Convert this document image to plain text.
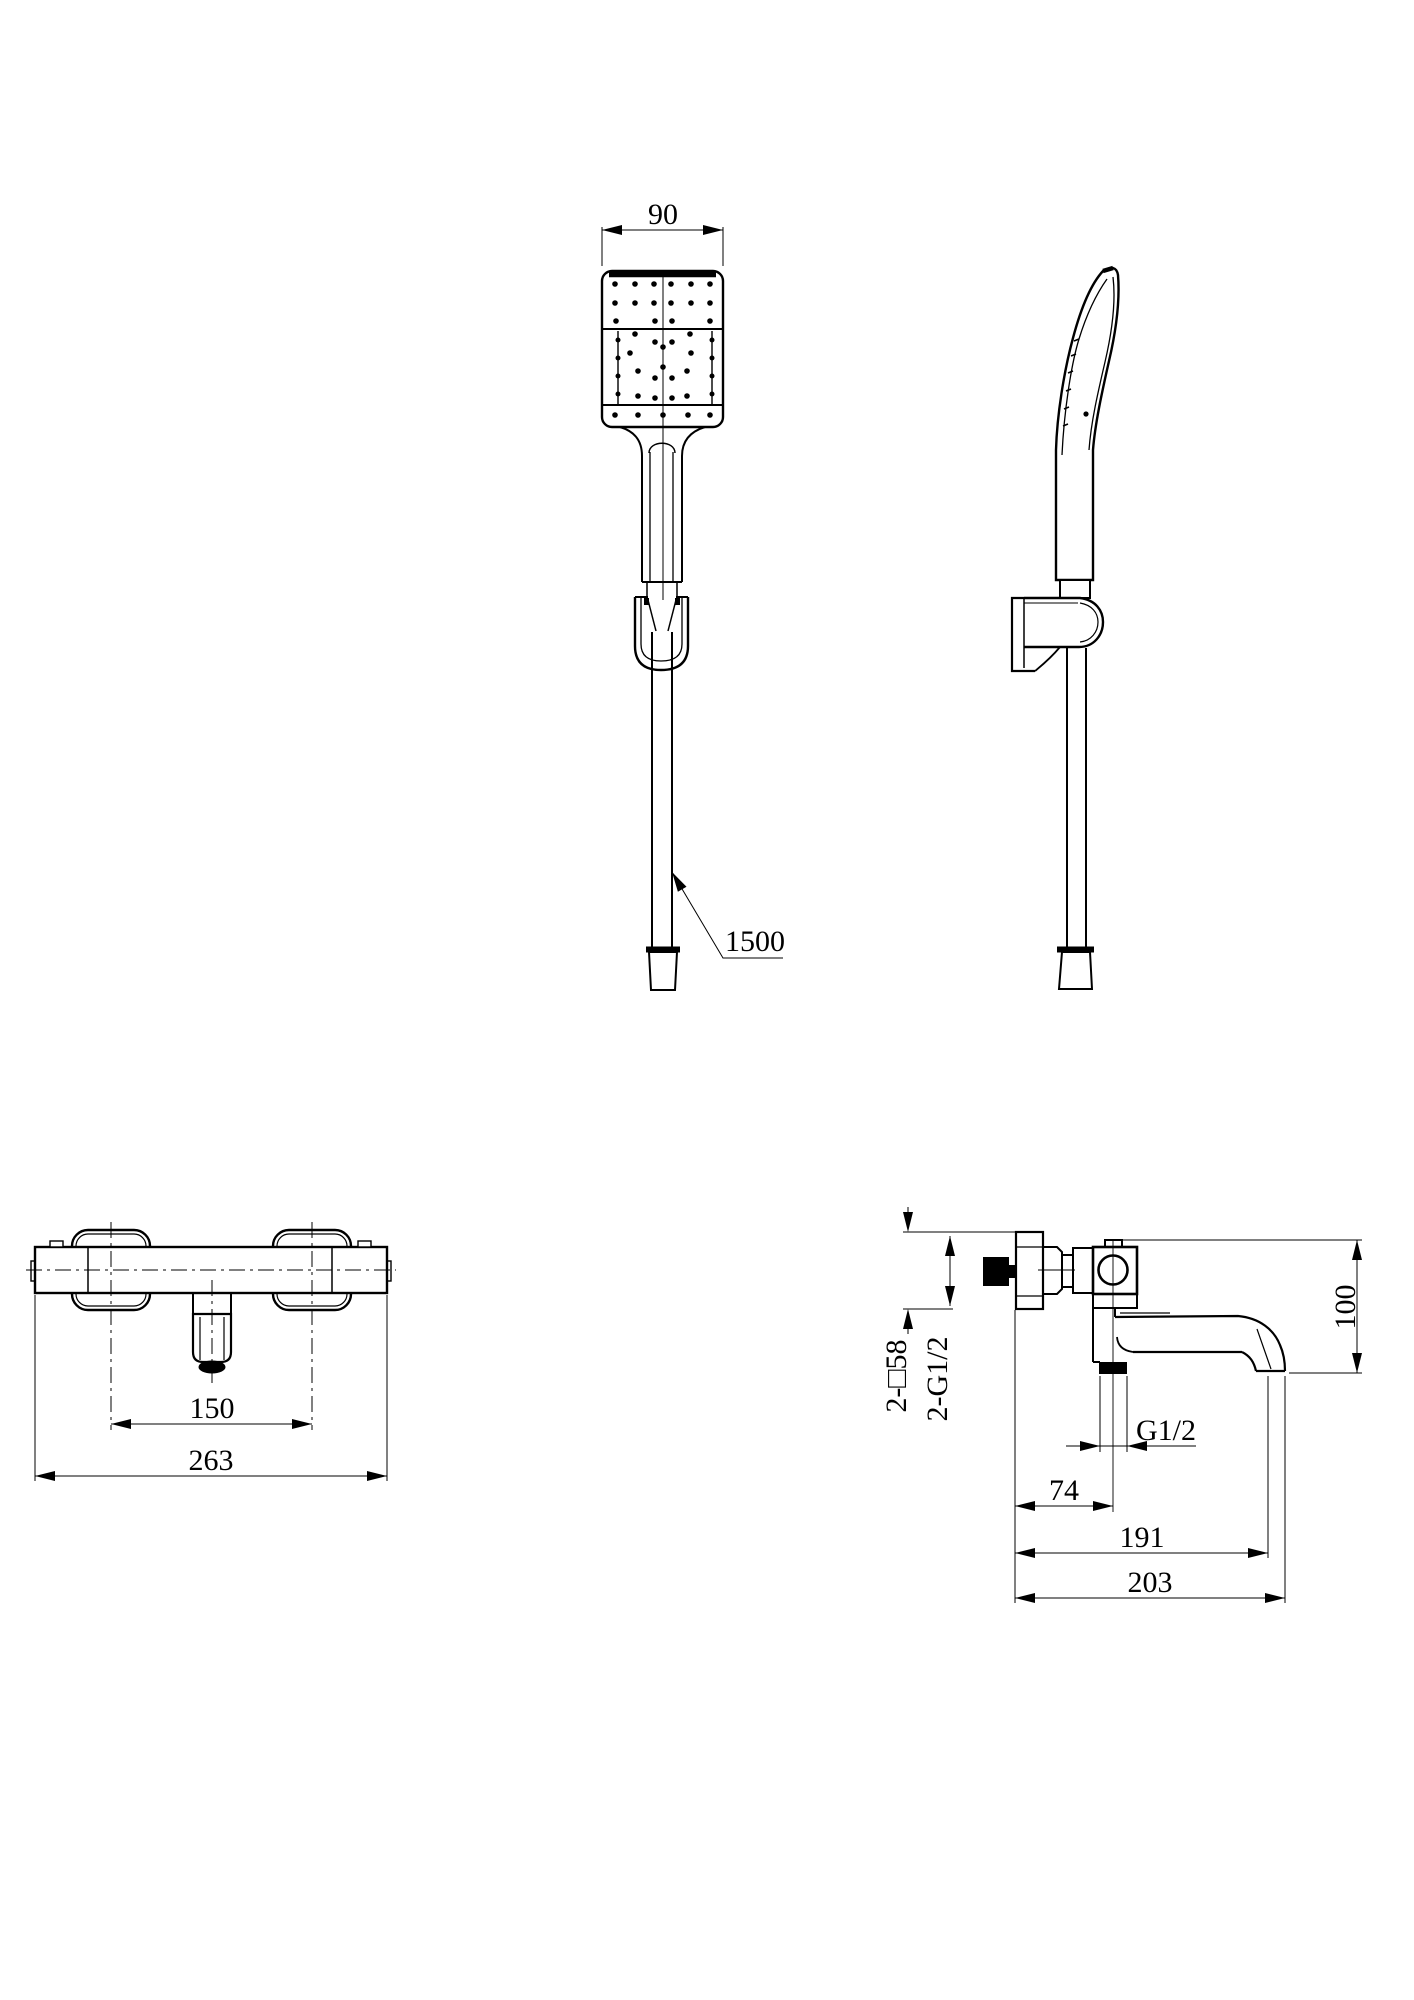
90
1500
150
263
2-□58 2-G1/2
100
G1/2
74
191
203
